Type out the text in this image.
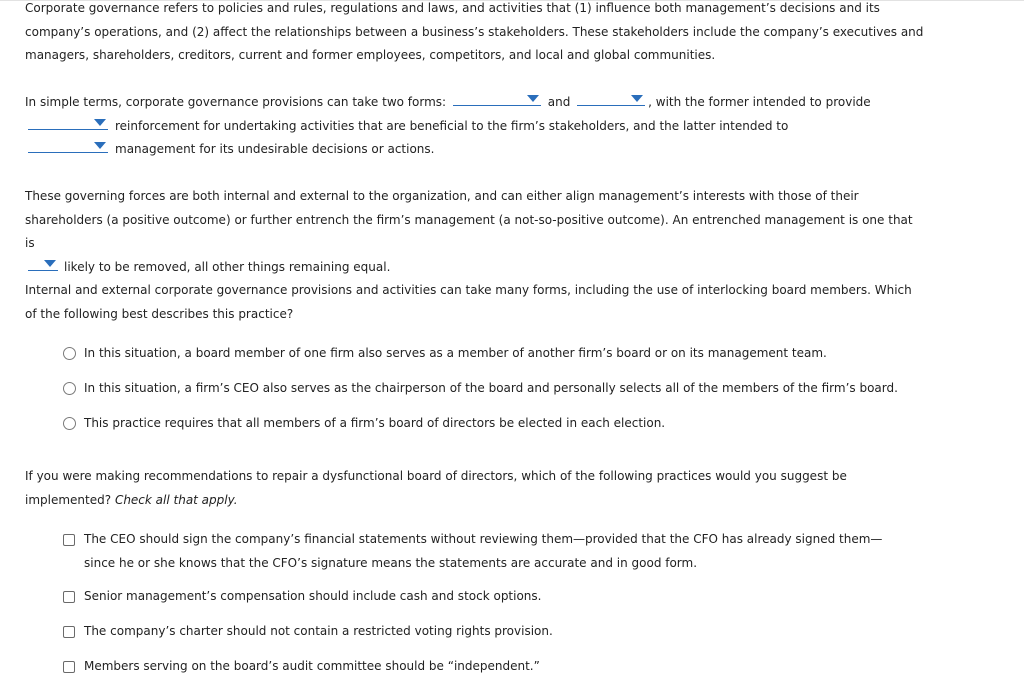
Corporate governance refers to policies and rules, regulations and laws, and activities that (1) influence both management’s decisions and its company’s operations, and (2) affect the relationships between a business’s stakeholders. These stakeholders include the company’s executives and managers, shareholders, creditors, current and former employees, competitors, and local and global communities.

In simple terms, corporate governance provisions can take two forms:	and	, with the former intended to provide

reinforcement for undertaking activities that are beneficial to the firm’s stakeholders, and the latter intended to

management for its undesirable decisions or actions.

These governing forces are both internal and external to the organization, and can either align management’s interests with those of their shareholders (a positive outcome) or further entrench the firm’s management (a not-so-positive outcome). An entrenched management is one that is

likely to be removed, all other things remaining equal.

Internal and external corporate governance provisions and activities can take many forms, including the use of interlocking board members. Which of the following best describes this practice?

In this situation, a board member of one firm also serves as a member of another firm’s board or on its management team.
In this situation, a firm’s CEO also serves as the chairperson of the board and personally selects all of the members of the firm’s board.
This practice requires that all members of a firm’s board of directors be elected in each election.

If you were making recommendations to repair a dysfunctional board of directors, which of the following practices would you suggest be implemented? Check all that apply.

The CEO should sign the company’s financial statements without reviewing them—provided that the CFO has already signed them—since he or she knows that the CFO’s signature means the statements are accurate and in good form.
Senior management’s compensation should include cash and stock options.
The company’s charter should not contain a restricted voting rights provision.
Members serving on the board’s audit committee should be “independent.”
